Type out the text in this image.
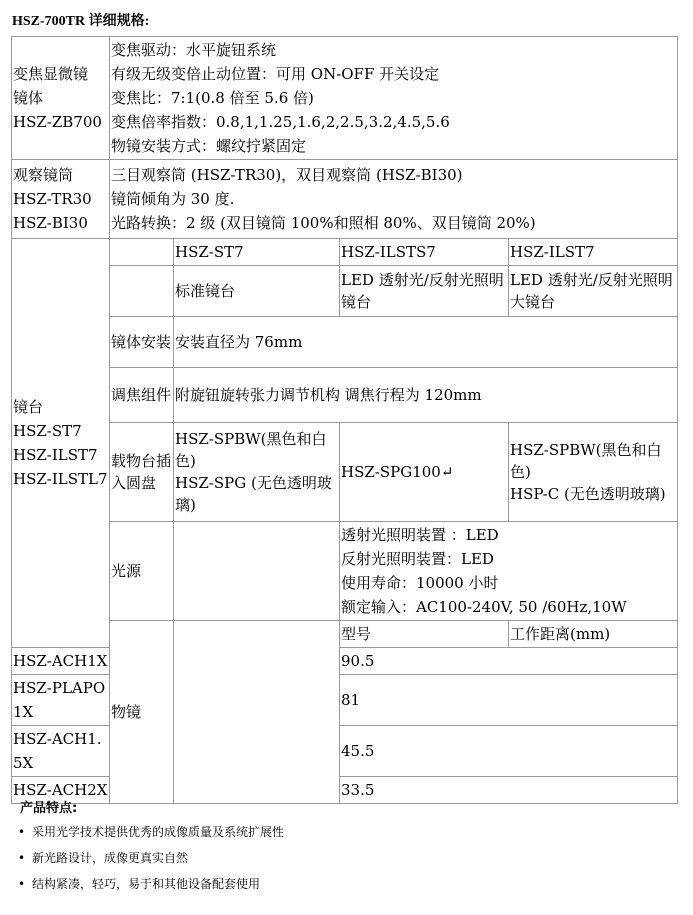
HSZ-700TR 详细规格:
变焦显微镜
镜体
HSZ-ZB700	变焦驱动：水平旋钮系统
有级无级变倍止动位置：可用 ON-OFF 开关设定
变焦比：7:1(0.8 倍至 5.6 倍)
变焦倍率指数：0.8,1,1.25,1.6,2,2.5,3.2,4.5,5.6
物镜安装方式：螺纹拧紧固定			

观察镜筒
HSZ-TR30
HSZ-BI30	三目观察筒 (HSZ-TR30)，双目观察筒 (HSZ-BI30)
镜筒倾角为 30 度.
光路转换：2 级 (双目镜筒 100%和照相 80%、双目镜筒 20%)			

镜台
HSZ-ST7
HSZ-ILST7
HSZ-ILSTL7		HSZ-ST7	HSZ-ILSTS7	HSZ-ILST7
		标准镜台	LED 透射光/反射光照明镜台	LED 透射光/反射光照明大镜台

	镜体安装	安装直径为 76mm		

	调焦组件	附旋钮旋转张力调节机构 调焦行程为 120mm		

	载物台插入圆盘	HSZ-SPBW(黑色和白色)
HSZ-SPG (无色透明玻璃)	HSZ-SPG100↵	HSZ-SPBW(黑色和白色)
HSP-C (无色透明玻璃)

	光源		透射光照明装置 ：LED
反射光照明装置：LED
使用寿命：10000 小时
额定输入：AC100-240V, 50 /60Hz,10W	

	物镜		型号	工作距离(mm)
HSZ-ACH1X			90.5	
HSZ-PLAPO1X			81	
HSZ-ACH1.5X			45.5	
HSZ-ACH2X			33.5	
产品特点:
• 采用光学技术提供优秀的成像质量及系统扩展性
• 新光路设计，成像更真实自然
• 结构紧凑，轻巧，易于和其他设备配套使用
